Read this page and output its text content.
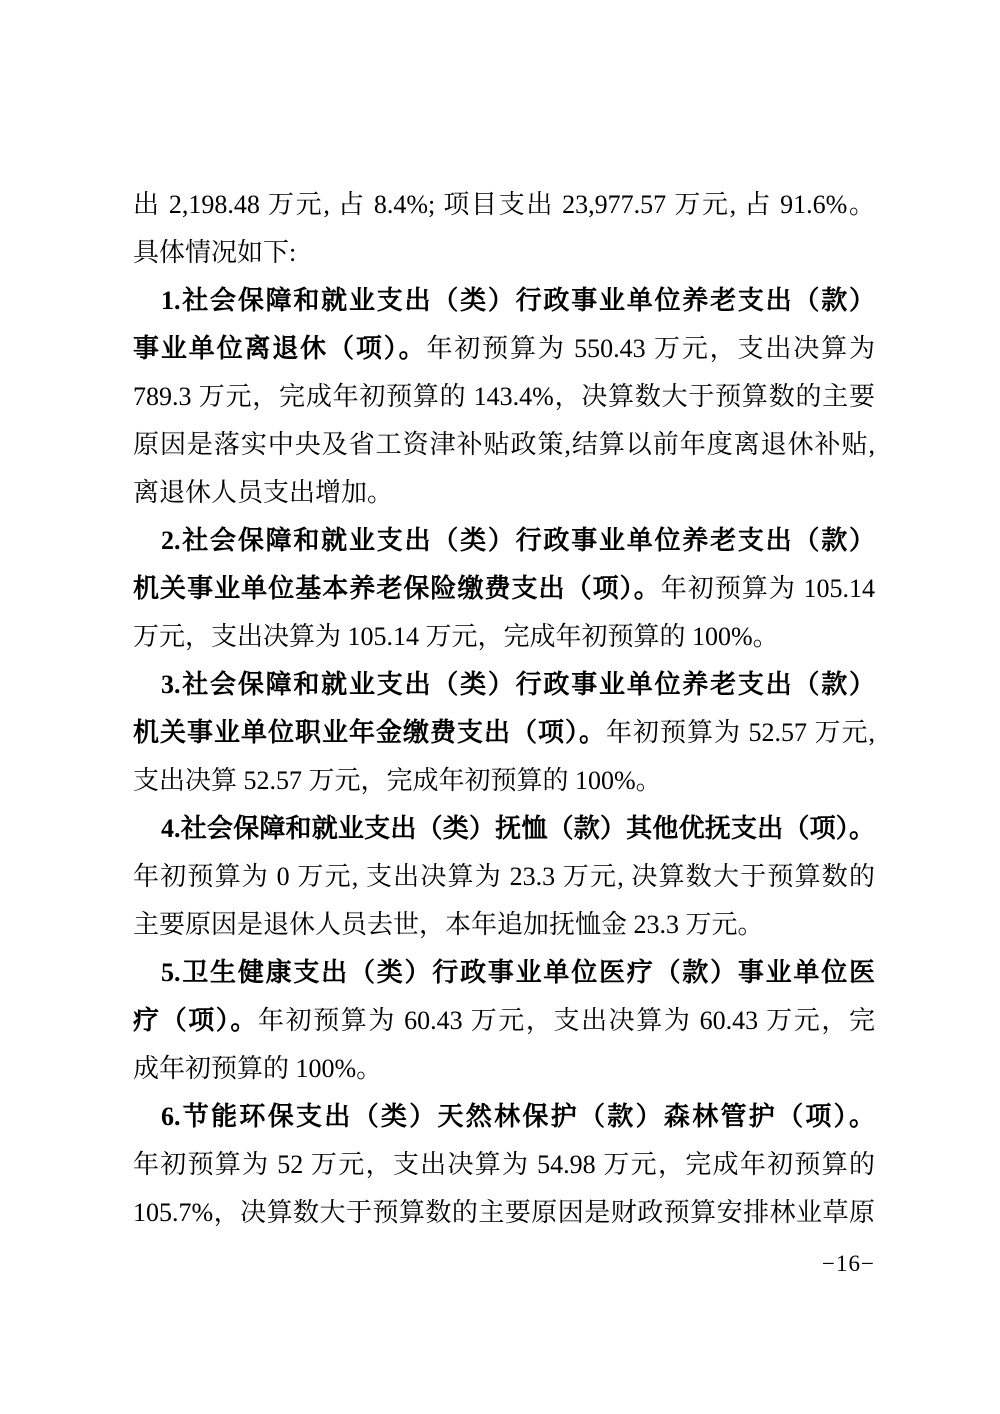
出 2,198.48 万元, 占 8.4%; 项目支出 23,977.57 万元, 占 91.6%。
具体情况如下:
1.社会保障和就业支出（类）行政事业单位养老支出（款）
事业单位离退休（项）。年初预算为 550.43 万元，支出决算为
789.3 万元，完成年初预算的 143.4%，决算数大于预算数的主要
原因是落实中央及省工资津补贴政策,结算以前年度离退休补贴,
离退休人员支出增加。
2.社会保障和就业支出（类）行政事业单位养老支出（款）
机关事业单位基本养老保险缴费支出（项）。年初预算为 105.14
万元，支出决算为 105.14 万元，完成年初预算的 100%。
3.社会保障和就业支出（类）行政事业单位养老支出（款）
机关事业单位职业年金缴费支出（项）。年初预算为 52.57 万元,
支出决算 52.57 万元，完成年初预算的 100%。
4.社会保障和就业支出（类）抚恤（款）其他优抚支出（项）。
年初预算为 0 万元, 支出决算为 23.3 万元, 决算数大于预算数的
主要原因是退休人员去世，本年追加抚恤金 23.3 万元。
5.卫生健康支出（类）行政事业单位医疗（款）事业单位医
疗（项）。年初预算为 60.43 万元，支出决算为 60.43 万元，完
成年初预算的 100%。
6.节能环保支出（类）天然林保护（款）森林管护（项）。
年初预算为 52 万元，支出决算为 54.98 万元，完成年初预算的
105.7%，决算数大于预算数的主要原因是财政预算安排林业草原
−16−
